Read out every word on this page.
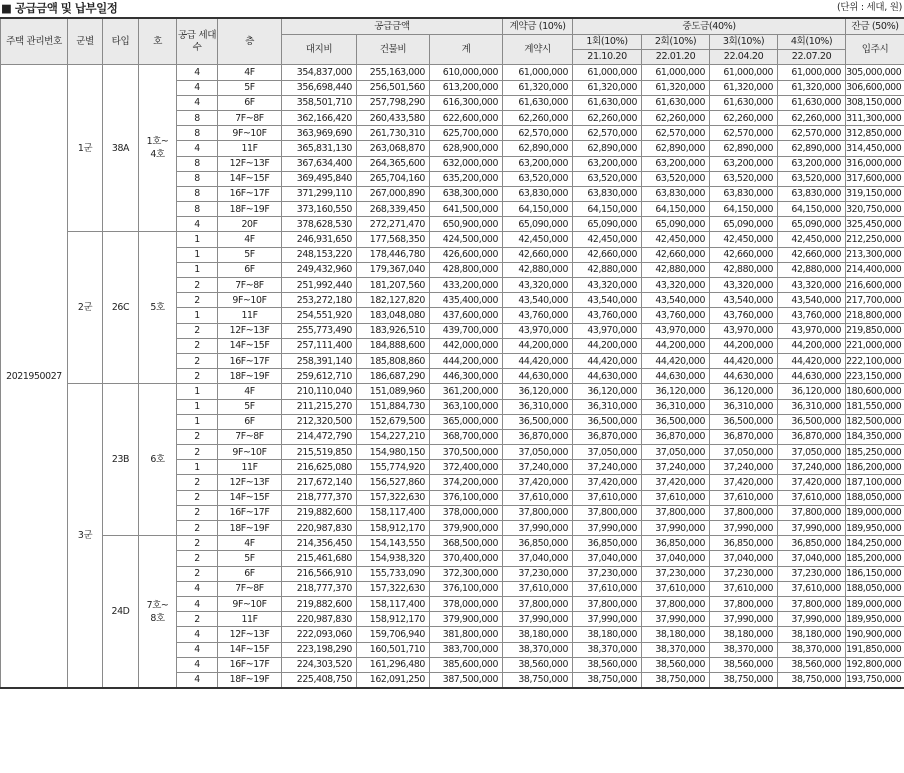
■ 공급금액 및 납부일정	(단위 : 세대, 원)
주택 관리번호	군별	타입	호	공급 세대수	층	공급금액			계약금 (10%)	중도금(40%)				잔금 (50%)
						대지비	건물비	계	계약시	1회(10%)	2회(10%)	3회(10%)	4회(10%)	입주시
										21.10.20	22.01.20	22.04.20	22.07.20	
2021950027	1군	38A	1호~ 4호	4	4F	354,837,000	255,163,000	610,000,000	61,000,000	61,000,000	61,000,000	61,000,000	61,000,000	305,000,000
				4	5F	356,698,440	256,501,560	613,200,000	61,320,000	61,320,000	61,320,000	61,320,000	61,320,000	306,600,000
				4	6F	358,501,710	257,798,290	616,300,000	61,630,000	61,630,000	61,630,000	61,630,000	61,630,000	308,150,000
				8	7F~8F	362,166,420	260,433,580	622,600,000	62,260,000	62,260,000	62,260,000	62,260,000	62,260,000	311,300,000
				8	9F~10F	363,969,690	261,730,310	625,700,000	62,570,000	62,570,000	62,570,000	62,570,000	62,570,000	312,850,000
				4	11F	365,831,130	263,068,870	628,900,000	62,890,000	62,890,000	62,890,000	62,890,000	62,890,000	314,450,000
				8	12F~13F	367,634,400	264,365,600	632,000,000	63,200,000	63,200,000	63,200,000	63,200,000	63,200,000	316,000,000
				8	14F~15F	369,495,840	265,704,160	635,200,000	63,520,000	63,520,000	63,520,000	63,520,000	63,520,000	317,600,000
				8	16F~17F	371,299,110	267,000,890	638,300,000	63,830,000	63,830,000	63,830,000	63,830,000	63,830,000	319,150,000
				8	18F~19F	373,160,550	268,339,450	641,500,000	64,150,000	64,150,000	64,150,000	64,150,000	64,150,000	320,750,000
				4	20F	378,628,530	272,271,470	650,900,000	65,090,000	65,090,000	65,090,000	65,090,000	65,090,000	325,450,000
	2군	26C	5호	1	4F	246,931,650	177,568,350	424,500,000	42,450,000	42,450,000	42,450,000	42,450,000	42,450,000	212,250,000
				1	5F	248,153,220	178,446,780	426,600,000	42,660,000	42,660,000	42,660,000	42,660,000	42,660,000	213,300,000
				1	6F	249,432,960	179,367,040	428,800,000	42,880,000	42,880,000	42,880,000	42,880,000	42,880,000	214,400,000
				2	7F~8F	251,992,440	181,207,560	433,200,000	43,320,000	43,320,000	43,320,000	43,320,000	43,320,000	216,600,000
				2	9F~10F	253,272,180	182,127,820	435,400,000	43,540,000	43,540,000	43,540,000	43,540,000	43,540,000	217,700,000
				1	11F	254,551,920	183,048,080	437,600,000	43,760,000	43,760,000	43,760,000	43,760,000	43,760,000	218,800,000
				2	12F~13F	255,773,490	183,926,510	439,700,000	43,970,000	43,970,000	43,970,000	43,970,000	43,970,000	219,850,000
				2	14F~15F	257,111,400	184,888,600	442,000,000	44,200,000	44,200,000	44,200,000	44,200,000	44,200,000	221,000,000
				2	16F~17F	258,391,140	185,808,860	444,200,000	44,420,000	44,420,000	44,420,000	44,420,000	44,420,000	222,100,000
				2	18F~19F	259,612,710	186,687,290	446,300,000	44,630,000	44,630,000	44,630,000	44,630,000	44,630,000	223,150,000
	3군	23B	6호	1	4F	210,110,040	151,089,960	361,200,000	36,120,000	36,120,000	36,120,000	36,120,000	36,120,000	180,600,000
				1	5F	211,215,270	151,884,730	363,100,000	36,310,000	36,310,000	36,310,000	36,310,000	36,310,000	181,550,000
				1	6F	212,320,500	152,679,500	365,000,000	36,500,000	36,500,000	36,500,000	36,500,000	36,500,000	182,500,000
				2	7F~8F	214,472,790	154,227,210	368,700,000	36,870,000	36,870,000	36,870,000	36,870,000	36,870,000	184,350,000
				2	9F~10F	215,519,850	154,980,150	370,500,000	37,050,000	37,050,000	37,050,000	37,050,000	37,050,000	185,250,000
				1	11F	216,625,080	155,774,920	372,400,000	37,240,000	37,240,000	37,240,000	37,240,000	37,240,000	186,200,000
				2	12F~13F	217,672,140	156,527,860	374,200,000	37,420,000	37,420,000	37,420,000	37,420,000	37,420,000	187,100,000
				2	14F~15F	218,777,370	157,322,630	376,100,000	37,610,000	37,610,000	37,610,000	37,610,000	37,610,000	188,050,000
				2	16F~17F	219,882,600	158,117,400	378,000,000	37,800,000	37,800,000	37,800,000	37,800,000	37,800,000	189,000,000
				2	18F~19F	220,987,830	158,912,170	379,900,000	37,990,000	37,990,000	37,990,000	37,990,000	37,990,000	189,950,000
		24D	7호~ 8호	2	4F	214,356,450	154,143,550	368,500,000	36,850,000	36,850,000	36,850,000	36,850,000	36,850,000	184,250,000
				2	5F	215,461,680	154,938,320	370,400,000	37,040,000	37,040,000	37,040,000	37,040,000	37,040,000	185,200,000
				2	6F	216,566,910	155,733,090	372,300,000	37,230,000	37,230,000	37,230,000	37,230,000	37,230,000	186,150,000
				4	7F~8F	218,777,370	157,322,630	376,100,000	37,610,000	37,610,000	37,610,000	37,610,000	37,610,000	188,050,000
				4	9F~10F	219,882,600	158,117,400	378,000,000	37,800,000	37,800,000	37,800,000	37,800,000	37,800,000	189,000,000
				2	11F	220,987,830	158,912,170	379,900,000	37,990,000	37,990,000	37,990,000	37,990,000	37,990,000	189,950,000
				4	12F~13F	222,093,060	159,706,940	381,800,000	38,180,000	38,180,000	38,180,000	38,180,000	38,180,000	190,900,000
				4	14F~15F	223,198,290	160,501,710	383,700,000	38,370,000	38,370,000	38,370,000	38,370,000	38,370,000	191,850,000
				4	16F~17F	224,303,520	161,296,480	385,600,000	38,560,000	38,560,000	38,560,000	38,560,000	38,560,000	192,800,000
				4	18F~19F	225,408,750	162,091,250	387,500,000	38,750,000	38,750,000	38,750,000	38,750,000	38,750,000	193,750,000
